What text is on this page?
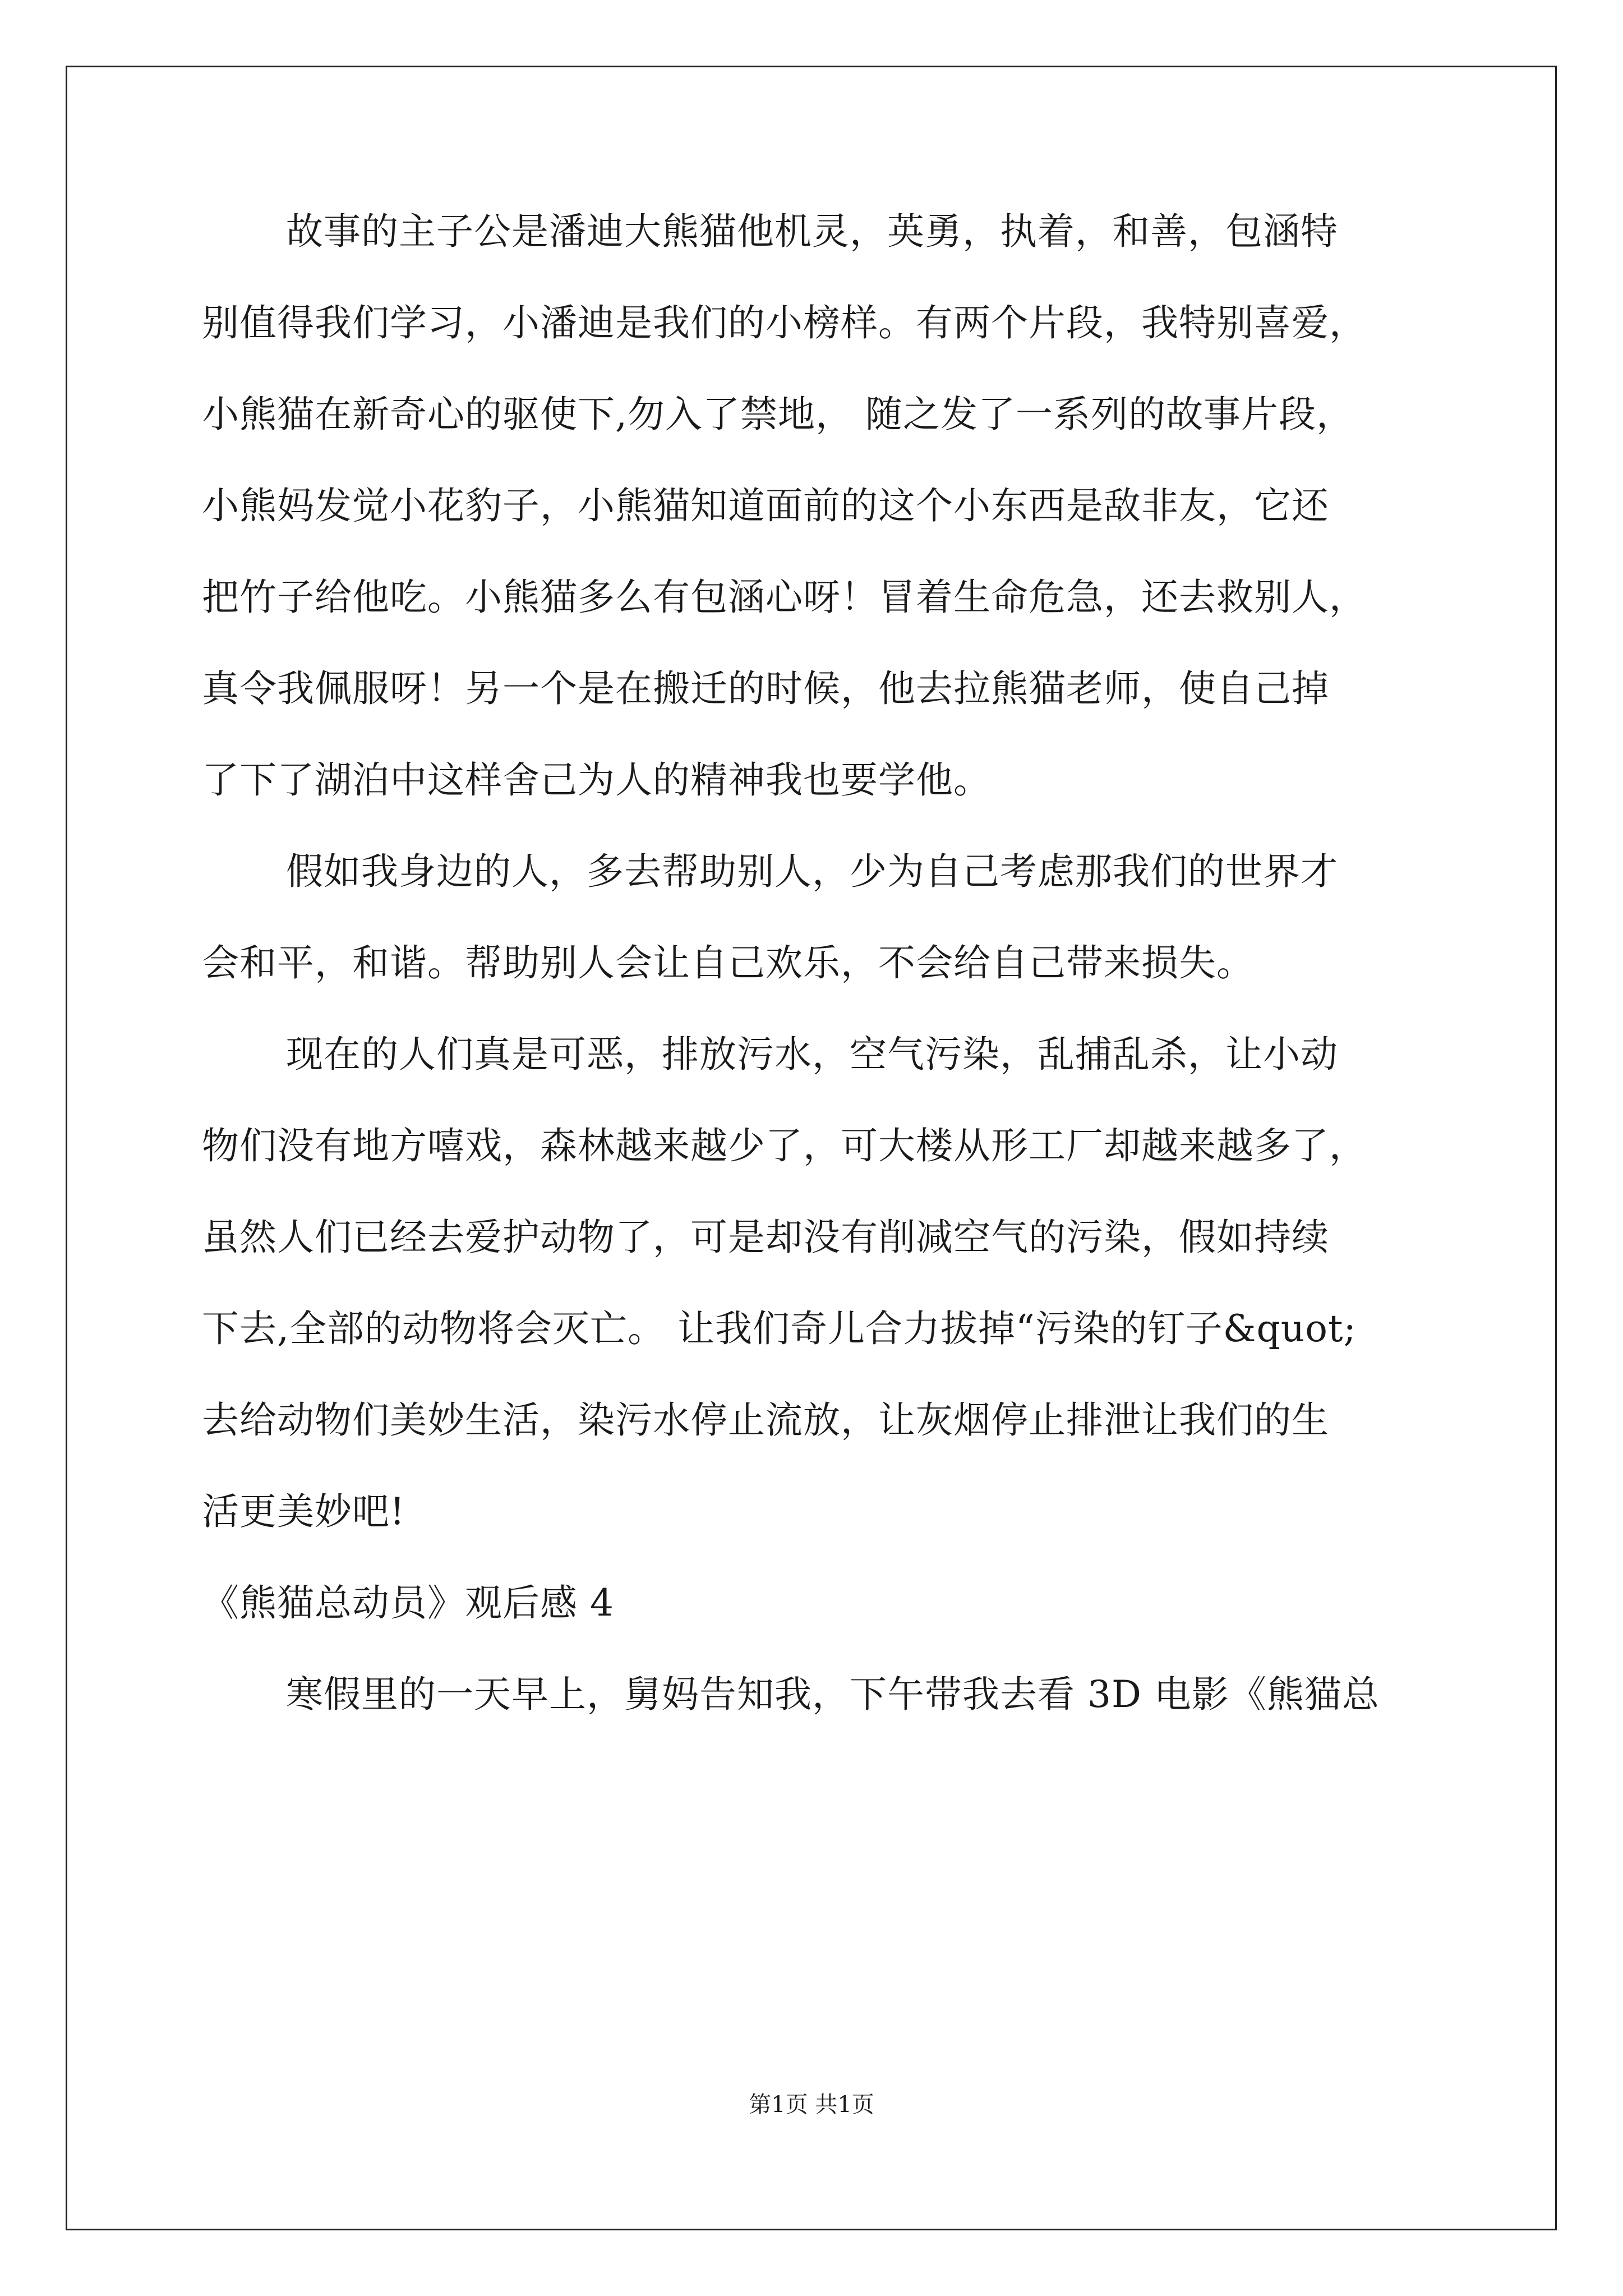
故事的主子公是潘迪大熊猫他机灵，英勇，执着，和善，包涵特
别值得我们学习，小潘迪是我们的小榜样。有两个片段，我特别喜爱，
小熊猫在新奇心的驱使下,勿入了禁地， 随之发了一系列的故事片段，
小熊妈发觉小花豹子，小熊猫知道面前的这个小东西是敌非友，它还
把竹子给他吃。小熊猫多么有包涵心呀！冒着生命危急，还去救别人，
真令我佩服呀！另一个是在搬迁的时候，他去拉熊猫老师，使自己掉
了下了湖泊中这样舍己为人的精神我也要学他。
假如我身边的人，多去帮助别人，少为自己考虑那我们的世界才
会和平，和谐。帮助别人会让自己欢乐，不会给自己带来损失。
现在的人们真是可恶，排放污水，空气污染，乱捕乱杀，让小动
物们没有地方嘻戏，森林越来越少了，可大楼从形工厂却越来越多了，
虽然人们已经去爱护动物了，可是却没有削减空气的污染，假如持续
下去,全部的动物将会灭亡。 让我们奇儿合力拔掉“污染的钉子&quot;
去给动物们美妙生活，染污水停止流放，让灰烟停止排泄让我们的生
活更美妙吧!
《熊猫总动员》观后感 4
寒假里的一天早上，舅妈告知我，下午带我去看 3D 电影《熊猫总
第1页 共1页
